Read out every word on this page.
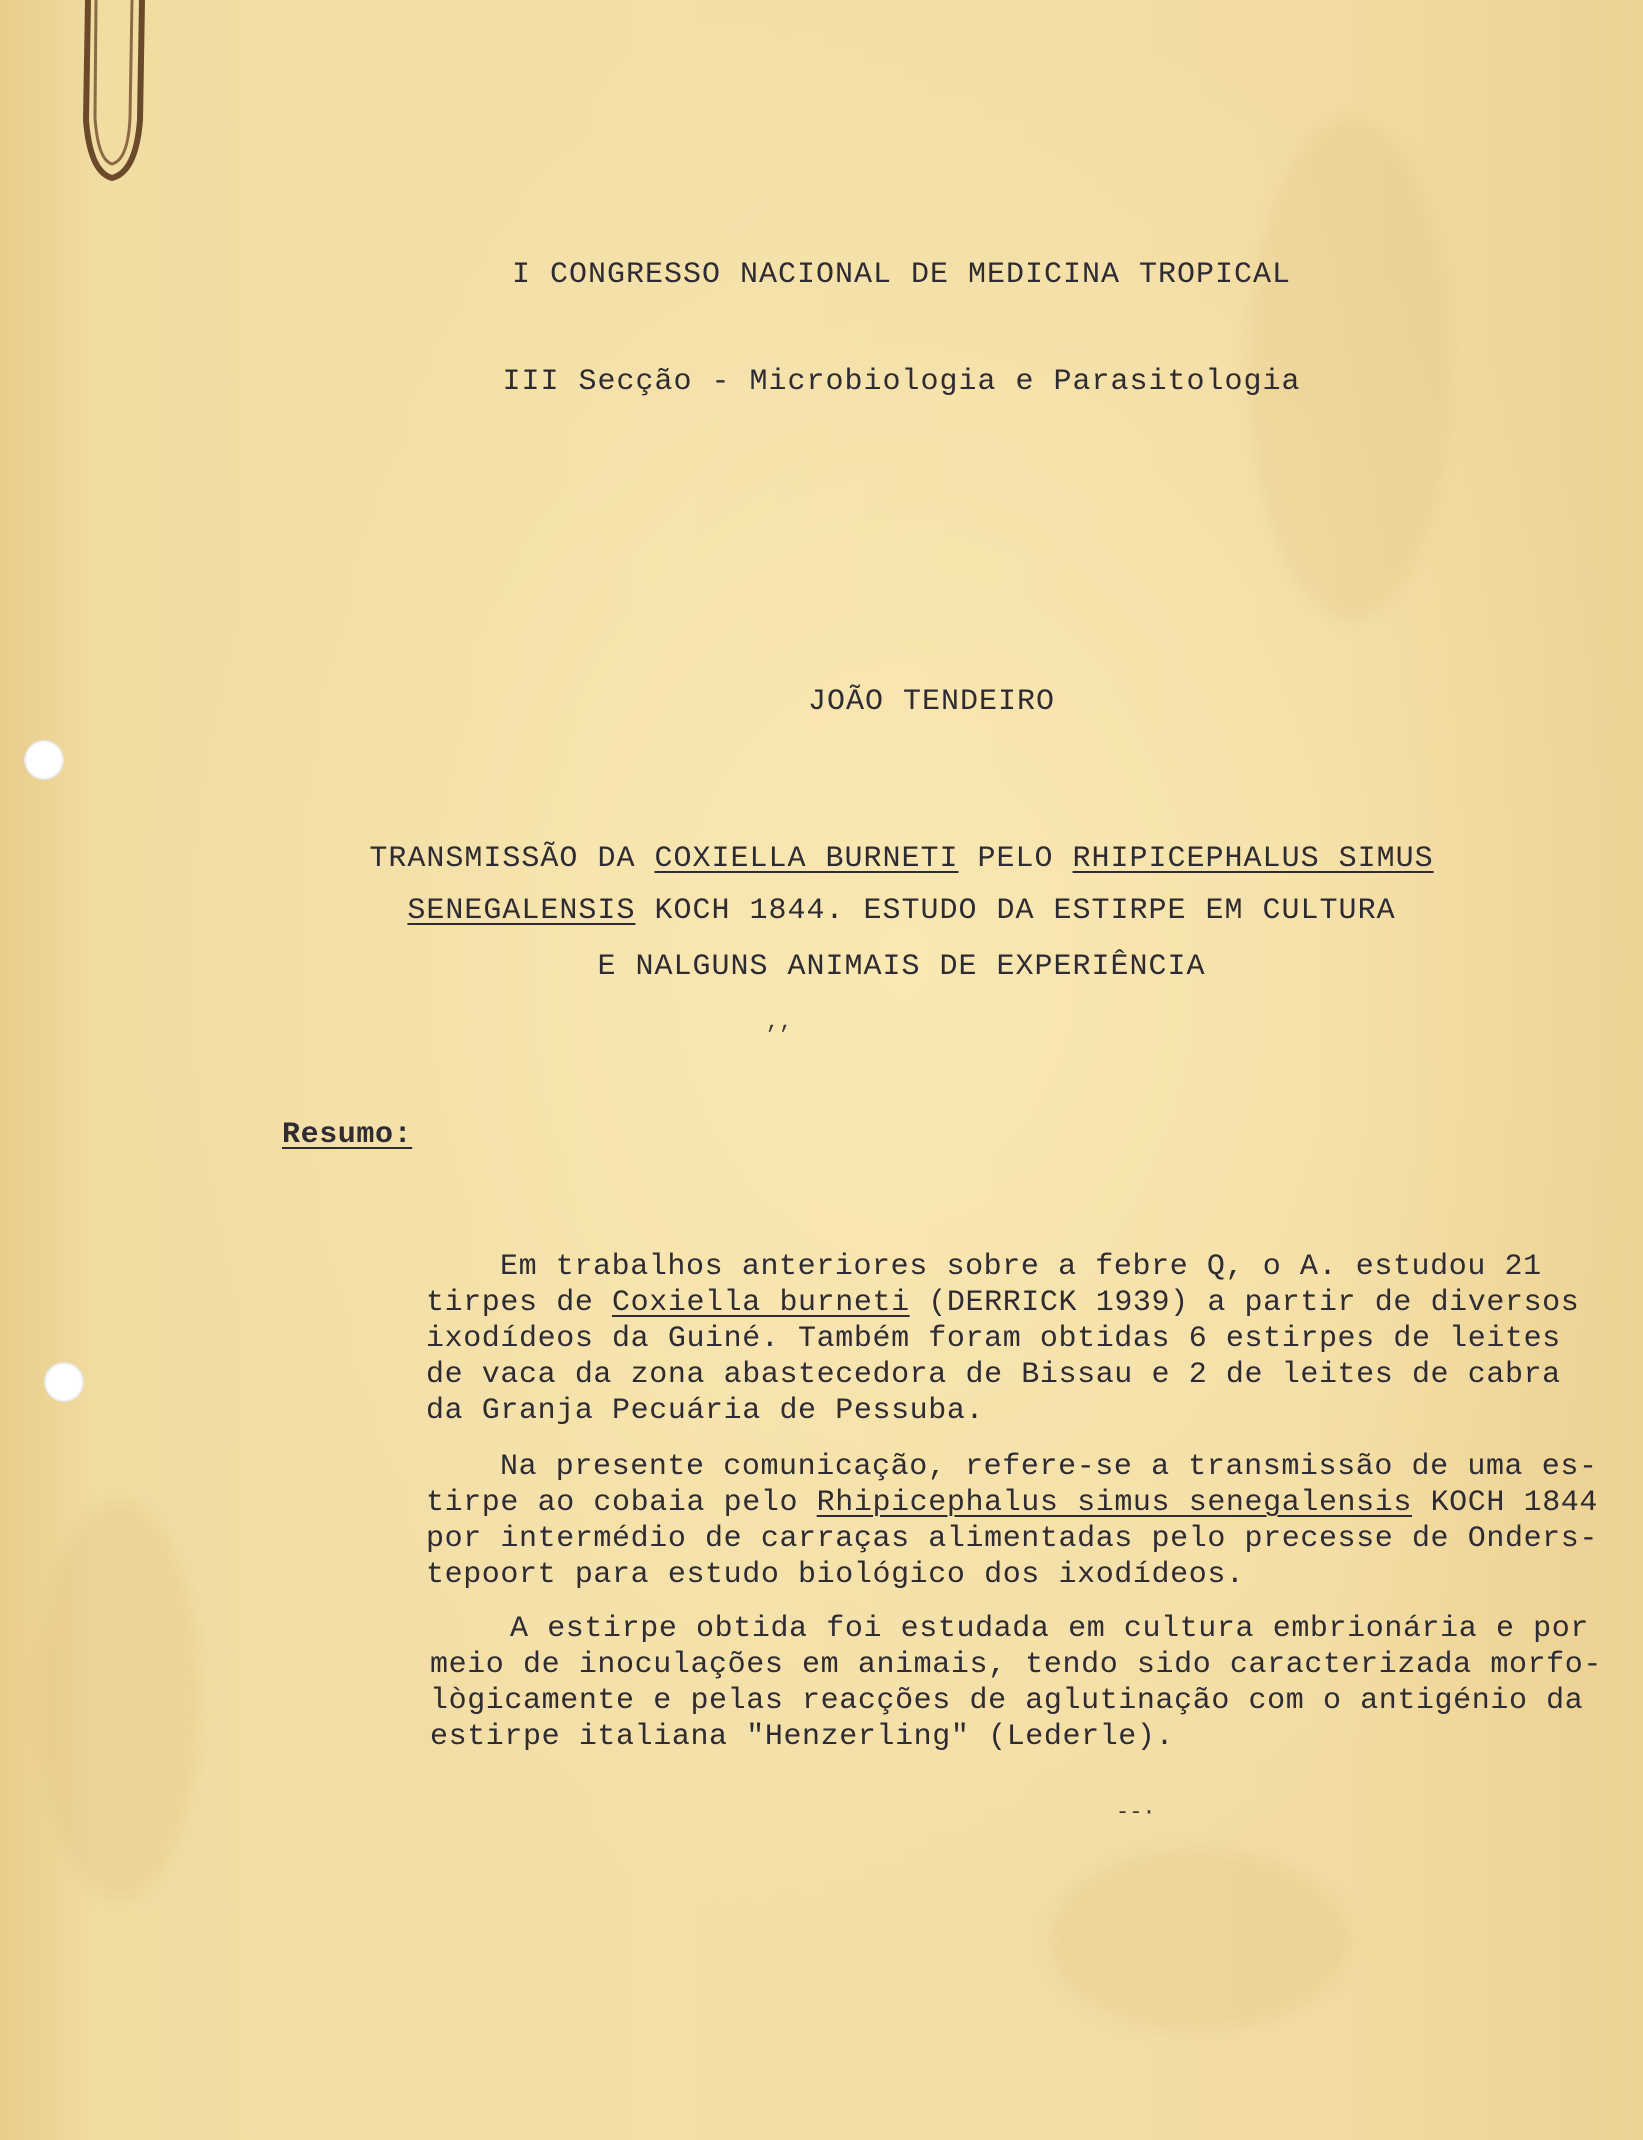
I CONGRESSO NACIONAL DE MEDICINA TROPICAL
III Secção - Microbiologia e Parasitologia
JOÃO TENDEIRO
TRANSMISSÃO DA COXIELLA BURNETI PELO RHIPICEPHALUS SIMUS
SENEGALENSIS KOCH 1844. ESTUDO DA ESTIRPE EM CULTURA
E NALGUNS ANIMAIS DE EXPERIÊNCIA
,,
Resumo:
Em trabalhos anteriores sobre a febre Q, o A. estudou 21
tirpes de Coxiella burneti (DERRICK 1939) a partir de diversos
ixodídeos da Guiné. Também foram obtidas 6 estirpes de leites
de vaca da zona abastecedora de Bissau e 2 de leites de cabra
da Granja Pecuária de Pessuba.
Na presente comunicação, refere-se a transmissão de uma es-
tirpe ao cobaia pelo Rhipicephalus simus senegalensis KOCH 1844
por intermédio de carraças alimentadas pelo precesse de Onders-
tepoort para estudo biológico dos ixodídeos.
A estirpe obtida foi estudada em cultura embrionária e por
meio de inoculações em animais, tendo sido caracterizada morfo-
lògicamente e pelas reacções de aglutinação com o antigénio da
estirpe italiana "Henzerling" (Lederle).
--·
